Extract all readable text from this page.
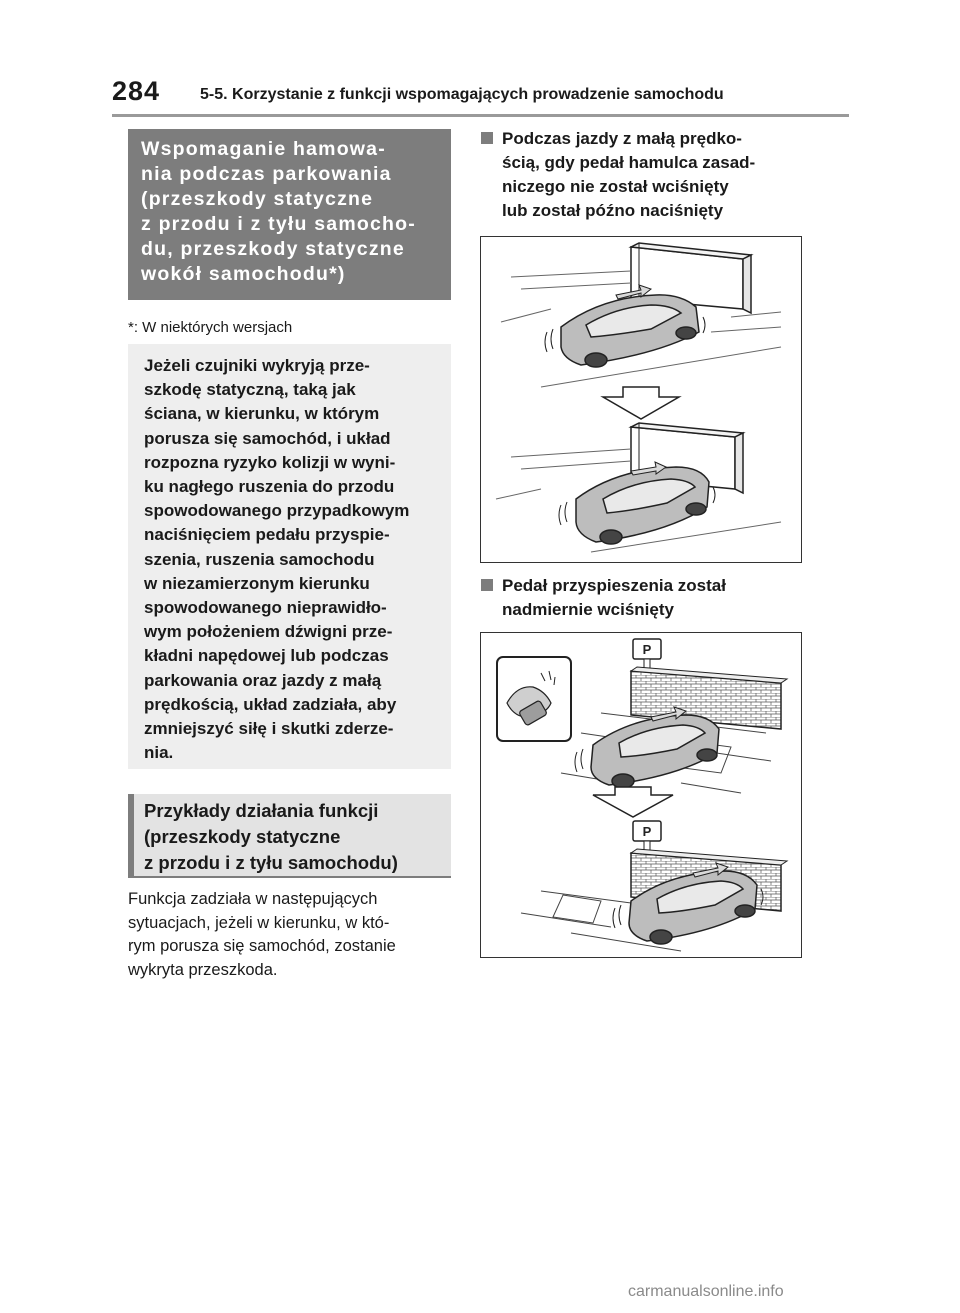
284 5-5. Korzystanie z funkcji wspomagających prowadzenie samochodu
Wspomaganie hamowa-
nia podczas parkowania
(przeszkody statyczne
z przodu i z tyłu samocho-
du, przeszkody statyczne
wokół samochodu*)
*: W niektórych wersjach
Jeżeli czujniki wykryją prze-
szkodę statyczną, taką jak
ściana, w kierunku, w którym
porusza się samochód, i układ
rozpozna ryzyko kolizji w wyni-
ku nagłego ruszenia do przodu
spowodowanego przypadkowym
naciśnięciem pedału przyspie-
szenia, ruszenia samochodu
w niezamierzonym kierunku
spowodowanego nieprawidło-
wym położeniem dźwigni prze-
kładni napędowej lub podczas
parkowania oraz jazdy z małą
prędkością, układ zadziała, aby
zmniejszyć siłę i skutki zderze-
nia.
Przykłady działania funkcji
(przeszkody statyczne
z przodu i z tyłu samochodu)
Funkcja zadziała w następujących
sytuacjach, jeżeli w kierunku, w któ-
rym porusza się samochód, zostanie
wykryta przeszkoda.
Podczas jazdy z małą prędko-
ścią, gdy pedał hamulca zasad-
niczego nie został wciśnięty
lub został późno naciśnięty
Pedał przyspieszenia został
nadmiernie wciśnięty
P
P
carmanualsonline.info
